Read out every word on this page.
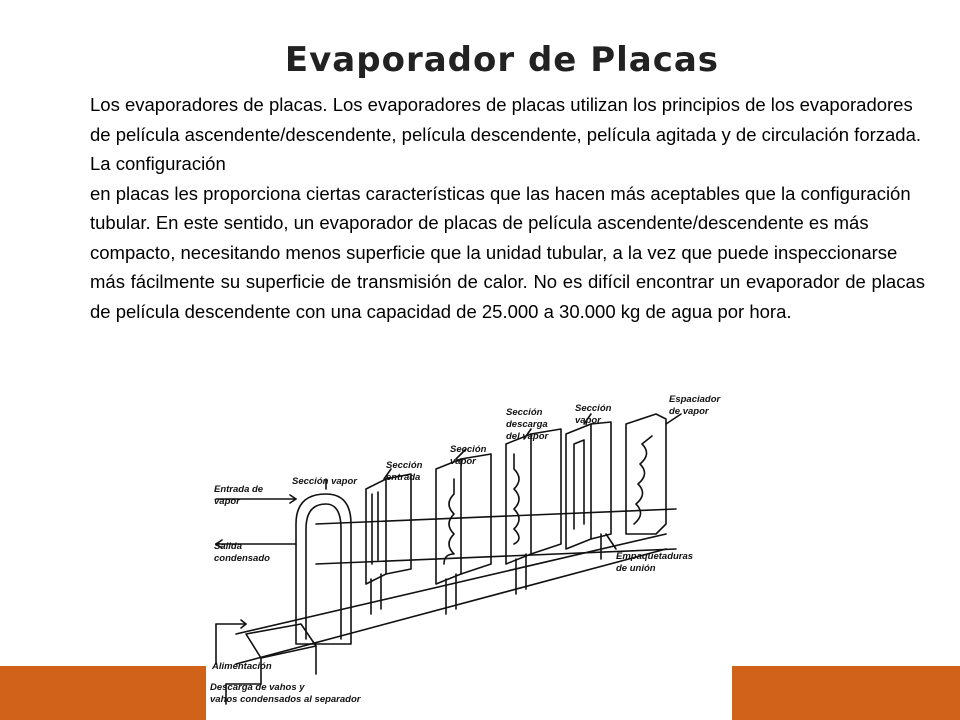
Evaporador de Placas

Los evaporadores de placas. Los evaporadores de placas utilizan los principios de los evaporadores de película ascendente/descendente, película descendente, película agitada y de circulación forzada. La configuración

en placas les proporciona ciertas características que las hacen más aceptables que la configuración tubular. En este sentido, un evaporador de placas de película ascendente/descendente es más compacto, necesitando menos superficie que la unidad tubular, a la vez que puede inspeccionarse

más fácilmente su superficie de transmisión de calor. No es difícil encontrar un evaporador de placas de película descendente con una capacidad de 25.000 a 30.000 kg de agua por hora.

Entrada de
vapor
Salida
condensado
Alimentación
Descarga de vahos y
vahos condensados al separador
Sección vapor
Sección
entrada
Sección
vapor
Sección
descarga
del vapor
Sección
vapor
Espaciador
de vapor
Empaquetaduras
de unión
